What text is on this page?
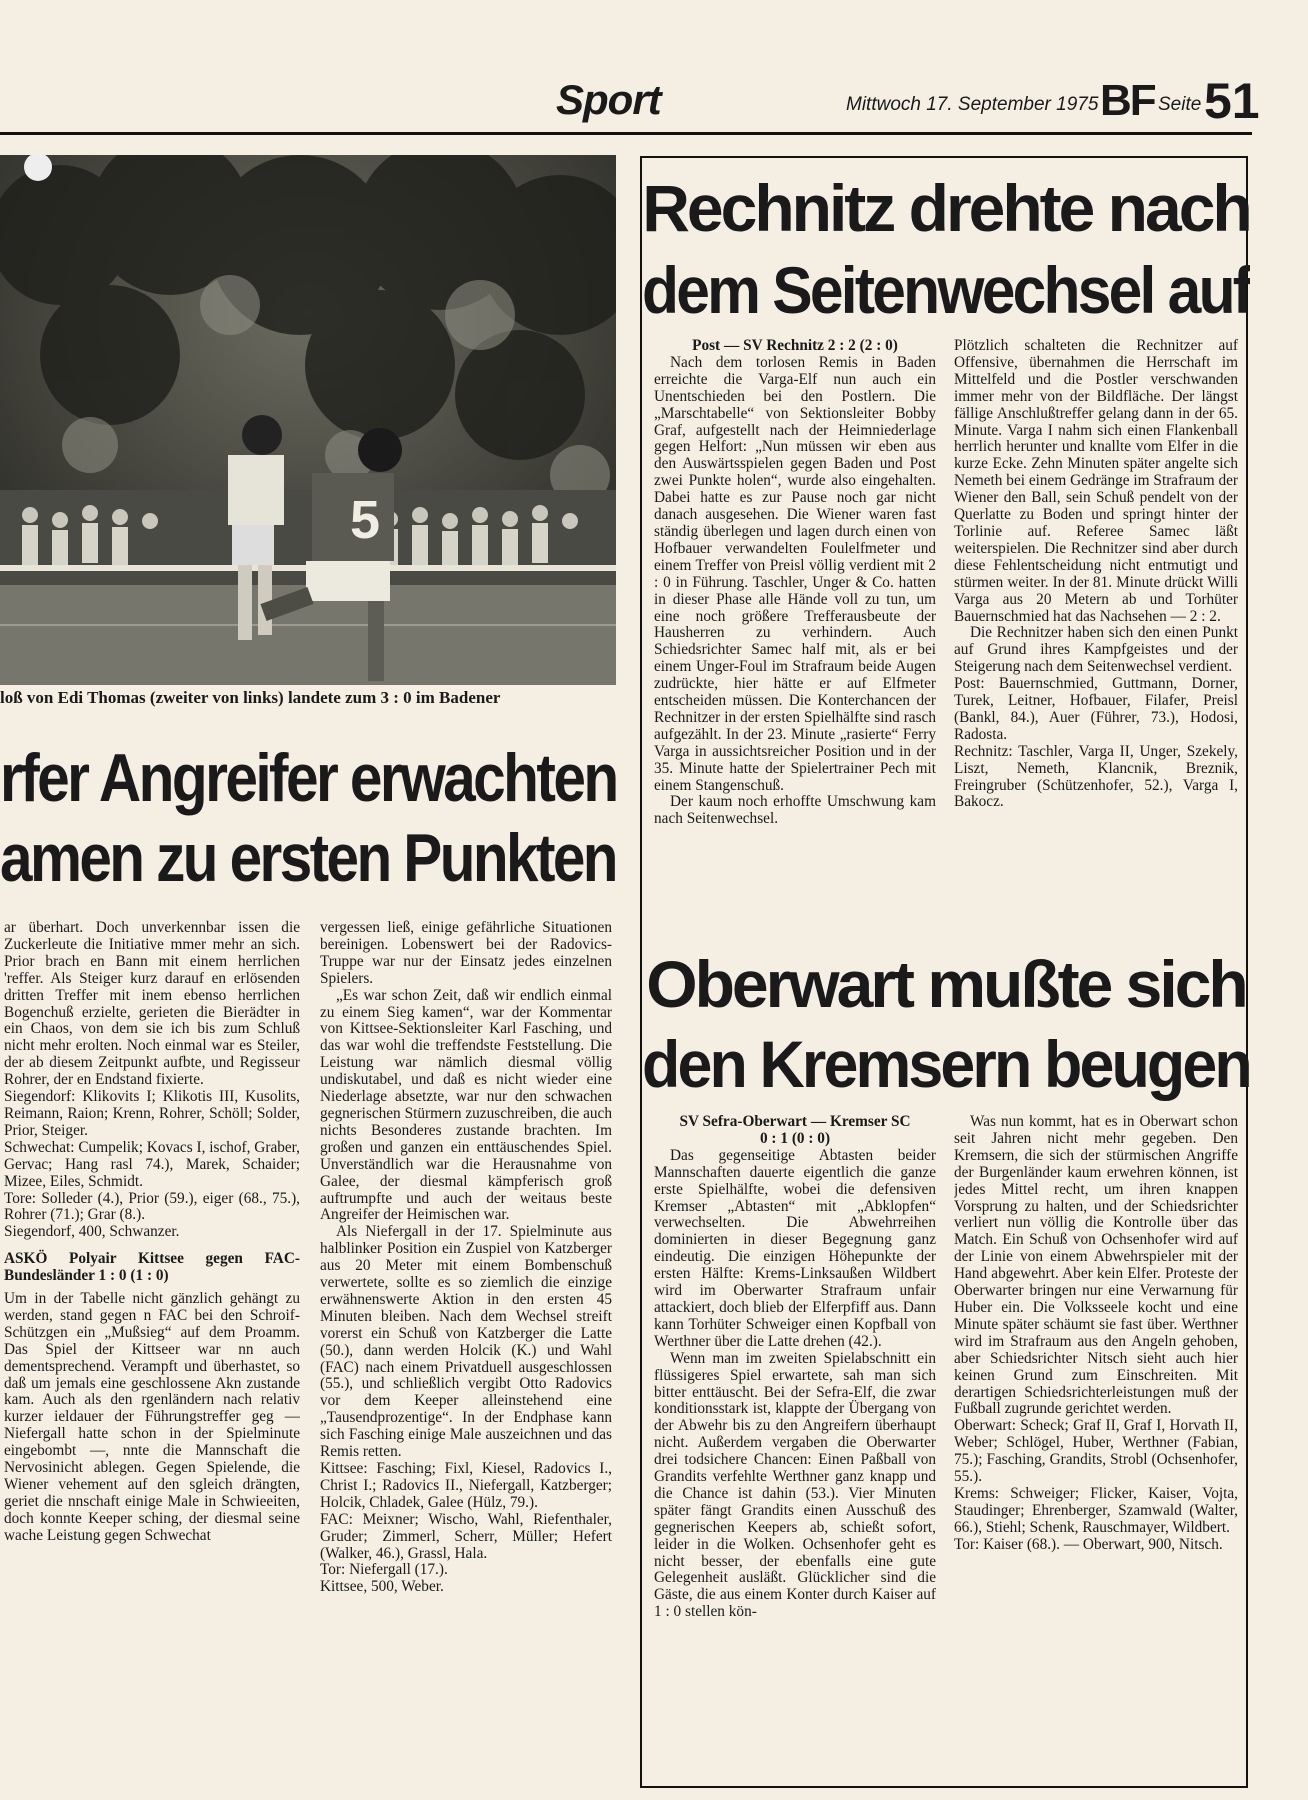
Sport	Mittwoch 17. September 1975 BF Seite 51
5
loß von Edi Thomas (zweiter von links) landete zum 3 : 0 im Badener
rfer Angreifer erwachten
amen zu ersten Punkten

ar überhart. Doch unverkennbar issen die Zuckerleute die Initiative mmer mehr an sich. Prior brach en Bann mit einem herrlichen 'reffer. Als Steiger kurz darauf en erlösenden dritten Treffer mit inem ebenso herrlichen Bogenchuß erzielte, gerieten die Bierädter in ein Chaos, von dem sie ich bis zum Schluß nicht mehr erolten. Noch einmal war es Steiler, der ab diesem Zeitpunkt aufbte, und Regisseur Rohrer, der en Endstand fixierte.

Siegendorf: Klikovits I; Klikotis III, Kusolits, Reimann, Raion; Krenn, Rohrer, Schöll; Solder, Prior, Steiger.

Schwechat: Cumpelik; Kovacs I, ischof, Graber, Gervac; Hang rasl 74.), Marek, Schaider; Mizee, Eiles, Schmidt.

Tore: Solleder (4.), Prior (59.), eiger (68., 75.), Rohrer (71.); Grar (8.).

Siegendorf, 400, Schwanzer.

ASKÖ Polyair Kittsee gegen FAC-Bundesländer 1 : 0 (1 : 0)

Um in der Tabelle nicht gänzlich gehängt zu werden, stand gegen n FAC bei den Schroif-Schützgen ein „Mußsieg“ auf dem Proamm. Das Spiel der Kittseer war nn auch dementsprechend. Verampft und überhastet, so daß um jemals eine geschlossene Akn zustande kam. Auch als den rgenländern nach relativ kurzer ieldauer der Führungstreffer geg — Niefergall hatte schon in der Spielminute eingebombt —, nnte die Mannschaft die Nervosinicht ablegen. Gegen Spielende, die Wiener vehement auf den sgleich drängten, geriet die nnschaft einige Male in Schwieeiten, doch konnte Keeper sching, der diesmal seine wache Leistung gegen Schwechat

vergessen ließ, einige gefährliche Situationen bereinigen. Lobenswert bei der Radovics-Truppe war nur der Einsatz jedes einzelnen Spielers.

„Es war schon Zeit, daß wir endlich einmal zu einem Sieg kamen“, war der Kommentar von Kittsee-Sektionsleiter Karl Fasching, und das war wohl die treffendste Feststellung. Die Leistung war nämlich diesmal völlig undiskutabel, und daß es nicht wieder eine Niederlage absetzte, war nur den schwachen gegnerischen Stürmern zuzuschreiben, die auch nichts Besonderes zustande brachten. Im großen und ganzen ein enttäuschendes Spiel. Unverständlich war die Herausnahme von Galee, der diesmal kämpferisch groß auftrumpfte und auch der weitaus beste Angreifer der Heimischen war.

Als Niefergall in der 17. Spielminute aus halblinker Position ein Zuspiel von Katzberger aus 20 Meter mit einem Bombenschuß verwertete, sollte es so ziemlich die einzige erwähnenswerte Aktion in den ersten 45 Minuten bleiben. Nach dem Wechsel streift vorerst ein Schuß von Katzberger die Latte (50.), dann werden Holcik (K.) und Wahl (FAC) nach einem Privatduell ausgeschlossen (55.), und schließlich vergibt Otto Radovics vor dem Keeper alleinstehend eine „Tausendprozentige“. In der Endphase kann sich Fasching einige Male auszeichnen und das Remis retten.

Kittsee: Fasching; Fixl, Kiesel, Radovics I., Christ I.; Radovics II., Niefergall, Katzberger; Holcik, Chladek, Galee (Hülz, 79.).

FAC: Meixner; Wischo, Wahl, Riefenthaler, Gruder; Zimmerl, Scherr, Müller; Hefert (Walker, 46.), Grassl, Hala.

Tor: Niefergall (17.).

Kittsee, 500, Weber.

Rechnitz drehte nach
dem Seitenwechsel auf

Post — SV Rechnitz 2 : 2 (2 : 0)

Nach dem torlosen Remis in Baden erreichte die Varga-Elf nun auch ein Unentschieden bei den Postlern. Die „Marschtabelle“ von Sektionsleiter Bobby Graf, aufgestellt nach der Heimniederlage gegen Helfort: „Nun müssen wir eben aus den Auswärtsspielen gegen Baden und Post zwei Punkte holen“, wurde also eingehalten. Dabei hatte es zur Pause noch gar nicht danach ausgesehen. Die Wiener waren fast ständig überlegen und lagen durch einen von Hofbauer verwandelten Foulelfmeter und einem Treffer von Preisl völlig verdient mit 2 : 0 in Führung. Taschler, Unger & Co. hatten in dieser Phase alle Hände voll zu tun, um eine noch größere Trefferausbeute der Hausherren zu verhindern. Auch Schiedsrichter Samec half mit, als er bei einem Unger-Foul im Strafraum beide Augen zudrückte, hier hätte er auf Elfmeter entscheiden müssen. Die Konterchancen der Rechnitzer in der ersten Spielhälfte sind rasch aufgezählt. In der 23. Minute „rasierte“ Ferry Varga in aussichtsreicher Position und in der 35. Minute hatte der Spielertrainer Pech mit einem Stangenschuß.

Der kaum noch erhoffte Umschwung kam nach Seitenwechsel.

Plötzlich schalteten die Rechnitzer auf Offensive, übernahmen die Herrschaft im Mittelfeld und die Postler verschwanden immer mehr von der Bildfläche. Der längst fällige Anschlußtreffer gelang dann in der 65. Minute. Varga I nahm sich einen Flankenball herrlich herunter und knallte vom Elfer in die kurze Ecke. Zehn Minuten später angelte sich Nemeth bei einem Gedränge im Strafraum der Wiener den Ball, sein Schuß pendelt von der Querlatte zu Boden und springt hinter der Torlinie auf. Referee Samec läßt weiterspielen. Die Rechnitzer sind aber durch diese Fehlentscheidung nicht entmutigt und stürmen weiter. In der 81. Minute drückt Willi Varga aus 20 Metern ab und Torhüter Bauernschmied hat das Nachsehen — 2 : 2.

Die Rechnitzer haben sich den einen Punkt auf Grund ihres Kampfgeistes und der Steigerung nach dem Seitenwechsel verdient.

Post: Bauernschmied, Guttmann, Dorner, Turek, Leitner, Hofbauer, Filafer, Preisl (Bankl, 84.), Auer (Führer, 73.), Hodosi, Radosta.

Rechnitz: Taschler, Varga II, Unger, Szekely, Liszt, Nemeth, Klancnik, Breznik, Freingruber (Schützenhofer, 52.), Varga I, Bakocz.

Oberwart mußte sich
den Kremsern beugen

SV Sefra-Oberwart — Kremser SC

0 : 1 (0 : 0)

Das gegenseitige Abtasten beider Mannschaften dauerte eigentlich die ganze erste Spielhälfte, wobei die defensiven Kremser „Abtasten“ mit „Abklopfen“ verwechselten. Die Abwehrreihen dominierten in dieser Begegnung ganz eindeutig. Die einzigen Höhepunkte der ersten Hälfte: Krems-Linksaußen Wildbert wird im Oberwarter Strafraum unfair attackiert, doch blieb der Elferpfiff aus. Dann kann Torhüter Schweiger einen Kopfball von Werthner über die Latte drehen (42.).

Wenn man im zweiten Spielabschnitt ein flüssigeres Spiel erwartete, sah man sich bitter enttäuscht. Bei der Sefra-Elf, die zwar konditionsstark ist, klappte der Übergang von der Abwehr bis zu den Angreifern überhaupt nicht. Außerdem vergaben die Oberwarter drei todsichere Chancen: Einen Paßball von Grandits verfehlte Werthner ganz knapp und die Chance ist dahin (53.). Vier Minuten später fängt Grandits einen Ausschuß des gegnerischen Keepers ab, schießt sofort, leider in die Wolken. Ochsenhofer geht es nicht besser, der ebenfalls eine gute Gelegenheit ausläßt. Glücklicher sind die Gäste, die aus einem Konter durch Kaiser auf 1 : 0 stellen kön-

Was nun kommt, hat es in Oberwart schon seit Jahren nicht mehr gegeben. Den Kremsern, die sich der stürmischen Angriffe der Burgenländer kaum erwehren können, ist jedes Mittel recht, um ihren knappen Vorsprung zu halten, und der Schiedsrichter verliert nun völlig die Kontrolle über das Match. Ein Schuß von Ochsenhofer wird auf der Linie von einem Abwehrspieler mit der Hand abgewehrt. Aber kein Elfer. Proteste der Oberwarter bringen nur eine Verwarnung für Huber ein. Die Volksseele kocht und eine Minute später schäumt sie fast über. Werthner wird im Strafraum aus den Angeln gehoben, aber Schiedsrichter Nitsch sieht auch hier keinen Grund zum Einschreiten. Mit derartigen Schiedsrichterleistungen muß der Fußball zugrunde gerichtet werden.

Oberwart: Scheck; Graf II, Graf I, Horvath II, Weber; Schlögel, Huber, Werthner (Fabian, 75.); Fasching, Grandits, Strobl (Ochsenhofer, 55.).

Krems: Schweiger; Flicker, Kaiser, Vojta, Staudinger; Ehrenberger, Szamwald (Walter, 66.), Stiehl; Schenk, Rauschmayer, Wildbert.

Tor: Kaiser (68.). — Oberwart, 900, Nitsch.
